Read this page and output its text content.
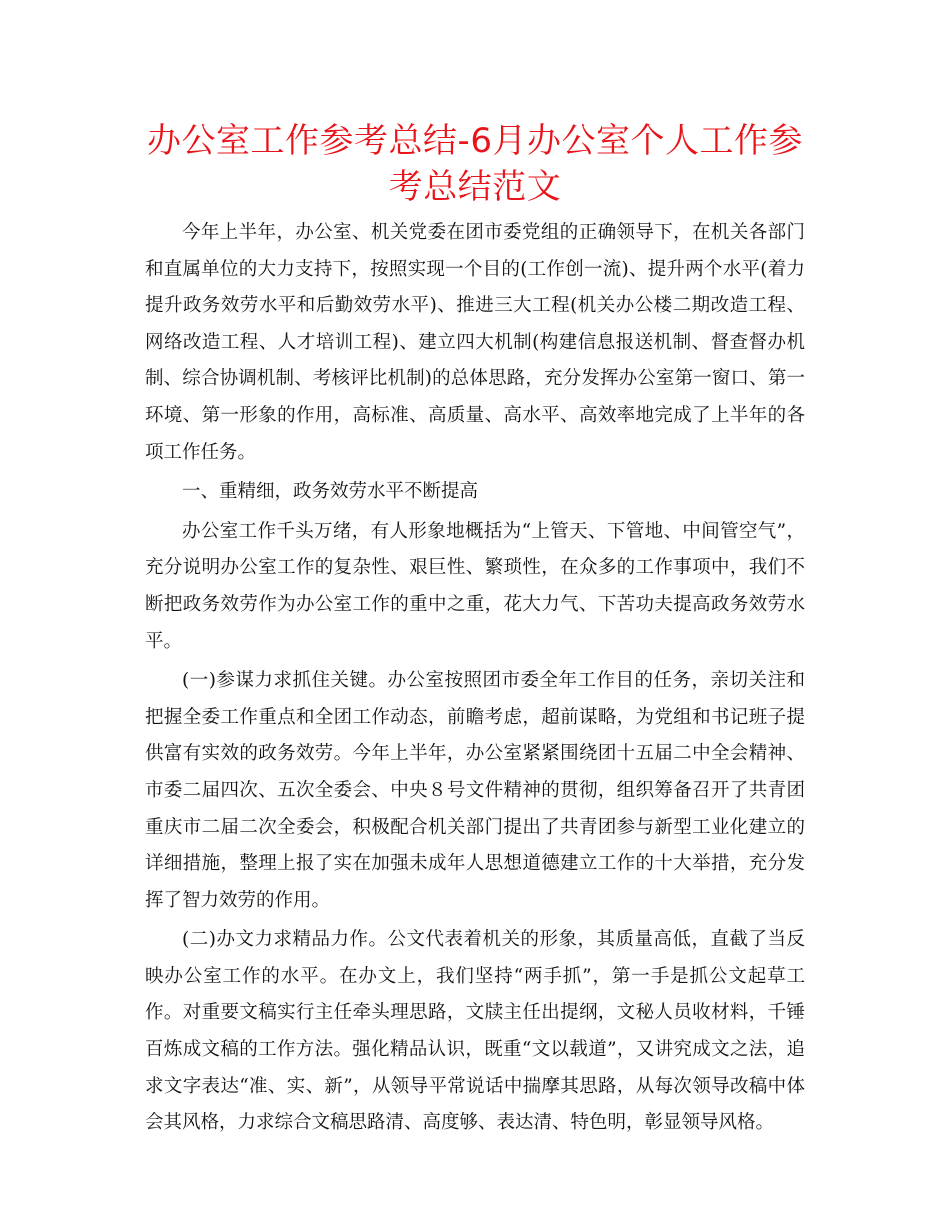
办公室工作参考总结-6月办公室个人工作参考总结范文

今年上半年，办公室、机关党委在团市委党组的正确领导下，在机关各部门和直属单位的大力支持下，按照实现一个目的(工作创一流)、提升两个水平(着力提升政务效劳水平和后勤效劳水平)、推进三大工程(机关办公楼二期改造工程、网络改造工程、人才培训工程)、建立四大机制(构建信息报送机制、督查督办机制、综合协调机制、考核评比机制)的总体思路，充分发挥办公室第一窗口、第一环境、第一形象的作用，高标准、高质量、高水平、高效率地完成了上半年的各项工作任务。

一、重精细，政务效劳水平不断提高

办公室工作千头万绪，有人形象地概括为“上管天、下管地、中间管空气”，充分说明办公室工作的复杂性、艰巨性、繁琐性，在众多的工作事项中，我们不断把政务效劳作为办公室工作的重中之重，花大力气、下苦功夫提高政务效劳水平。

(一)参谋力求抓住关键。办公室按照团市委全年工作目的任务，亲切关注和把握全委工作重点和全团工作动态，前瞻考虑，超前谋略，为党组和书记班子提供富有实效的政务效劳。今年上半年，办公室紧紧围绕团十五届二中全会精神、市委二届四次、五次全委会、中央８号文件精神的贯彻，组织筹备召开了共青团重庆市二届二次全委会，积极配合机关部门提出了共青团参与新型工业化建立的详细措施，整理上报了实在加强未成年人思想道德建立工作的十大举措，充分发挥了智力效劳的作用。

(二)办文力求精品力作。公文代表着机关的形象，其质量高低，直截了当反映办公室工作的水平。在办文上，我们坚持“两手抓”，第一手是抓公文起草工作。对重要文稿实行主任牵头理思路，文牍主任出提纲，文秘人员收材料，千锤百炼成文稿的工作方法。强化精品认识，既重“文以载道”，又讲究成文之法，追求文字表达“准、实、新”，从领导平常说话中揣摩其思路，从每次领导改稿中体会其风格，力求综合文稿思路清、高度够、表达清、特色明，彰显领导风格。
